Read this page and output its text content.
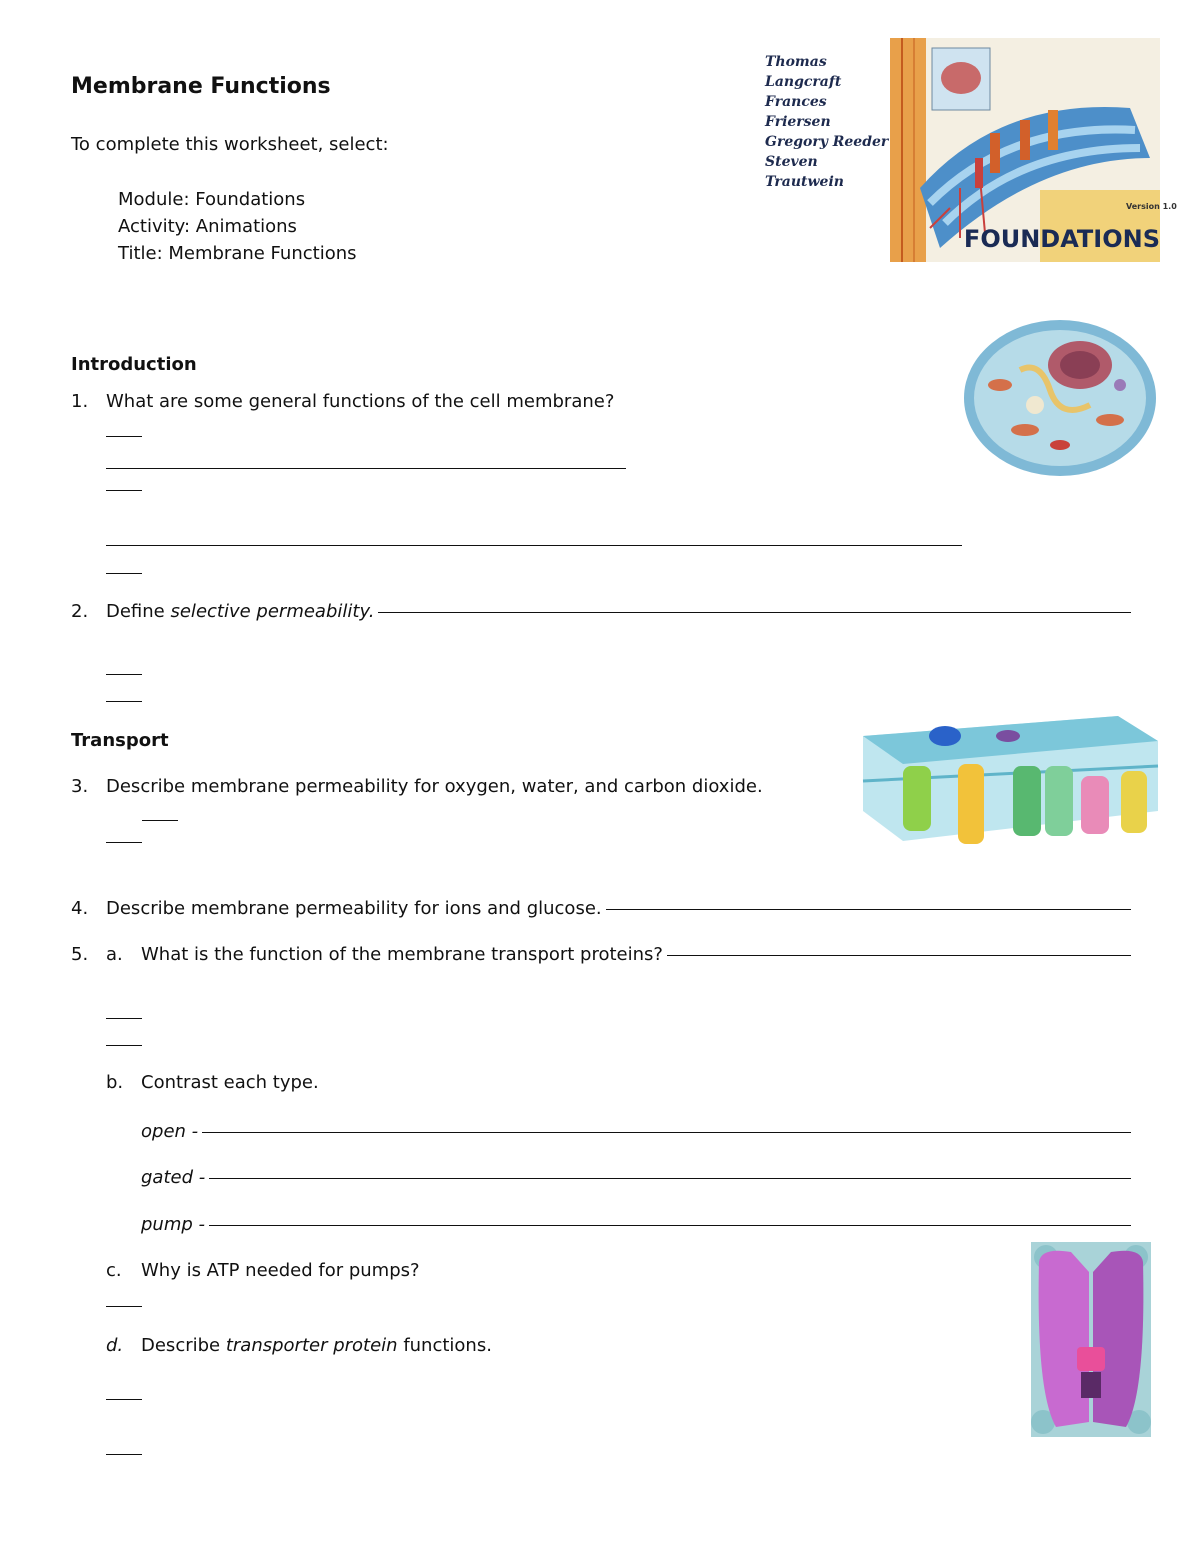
Membrane Functions
To complete this worksheet, select:
Module: Foundations
Activity: Animations
Title: Membrane Functions
Thomas Langcraft
Frances Friersen
Gregory Reeder
Steven Trautwein
Version 1.0
FOUNDATIONS
Introduction
1. What are some general functions of the cell membrane?
2. Define selective permeability.
Transport
3. Describe membrane permeability for oxygen, water, and carbon dioxide.
4. Describe membrane permeability for ions and glucose.
5. a. What is the function of the membrane transport proteins?
b. Contrast each type.
open -
gated -
pump -
c. Why is ATP needed for pumps?
d. Describe transporter protein functions.
